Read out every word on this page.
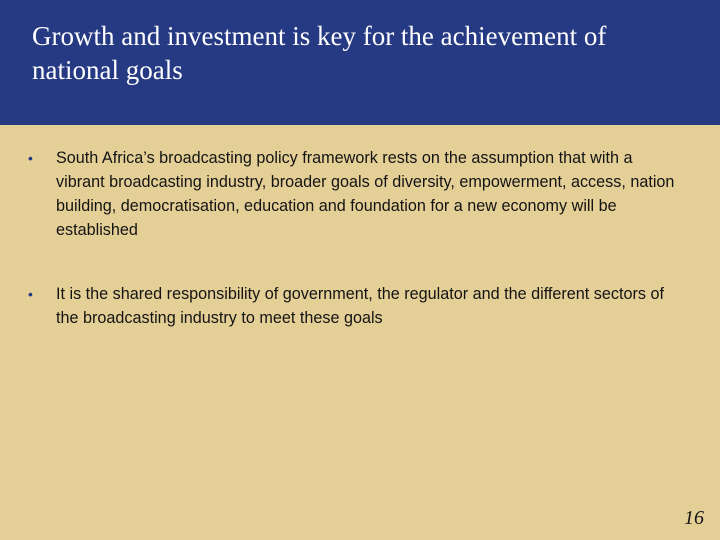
Growth and investment is key for the achievement of national goals
• South Africa’s broadcasting policy framework rests on the assumption that with a vibrant broadcasting industry, broader goals of diversity, empowerment, access, nation building, democratisation, education and foundation for a new economy will be established
• It is the shared responsibility of government, the regulator and the different sectors of the broadcasting industry to meet these goals
16
